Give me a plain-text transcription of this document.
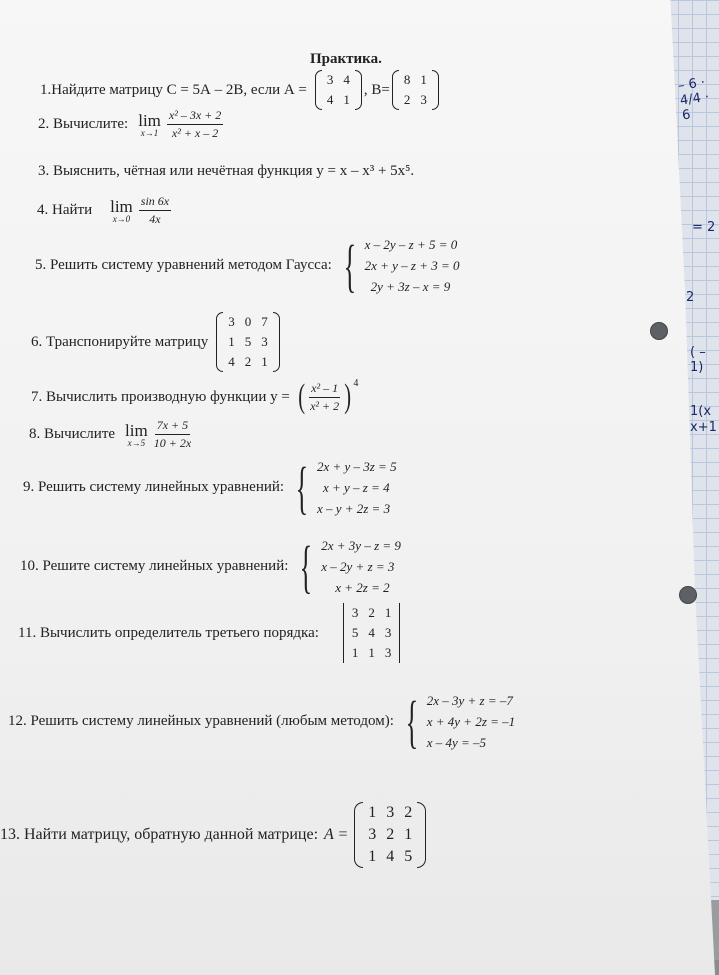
– 6 · 4/4 · 6
= 2
2
( –1)
1(x
x+1
Практика.
1.Найдите матрицу С = 5А – 2В, если А =
3	4
4	1
, В=
8	1
2	3
2. Вычислите: lim
$x\to 1 \frac{\text{x² – 3x + 2}}{\text{x² + x – 2}}$
3. Выяснить, чётная или нечётная функция у = х – х³ + 5х⁵.
4. Найти lim
$x\to 0 \frac{\sin 6x}{4x}$
5. Решить систему уравнений методом Гаусса: { x – 2y – z + 5 = 0
2x + y – z + 3 = 0
2y + 3z – x = 9
6. Транспонируйте матрицу
3	0	7
1	5	3
4	2	1
7. Вычислить производную функции у = ( $\frac{\text{x² – 1}}{\text{x² + 2}} )^4$
8. Вычислите lim
$x\to 5 \frac{7x + 5}{10 + 2x}$
9. Решить систему линейных уравнений: { 2x + y – 3z = 5
x + y – z = 4
x – y + 2z = 3
10. Решите систему линейных уравнений: { 2x + 3y – z = 9
x – 2y + z = 3
x + 2z = 2
11. Вычислить определитель третьего порядка:
3	2	1
5	4	3
1	1	3
12. Решить систему линейных уравнений (любым методом): { 2x – 3y + z = –7
x + 4y + 2z = –1
x – 4y = –5
13. Найти матрицу, обратную данной матрице: A =
1	3	2
3	2	1
1	4	5
